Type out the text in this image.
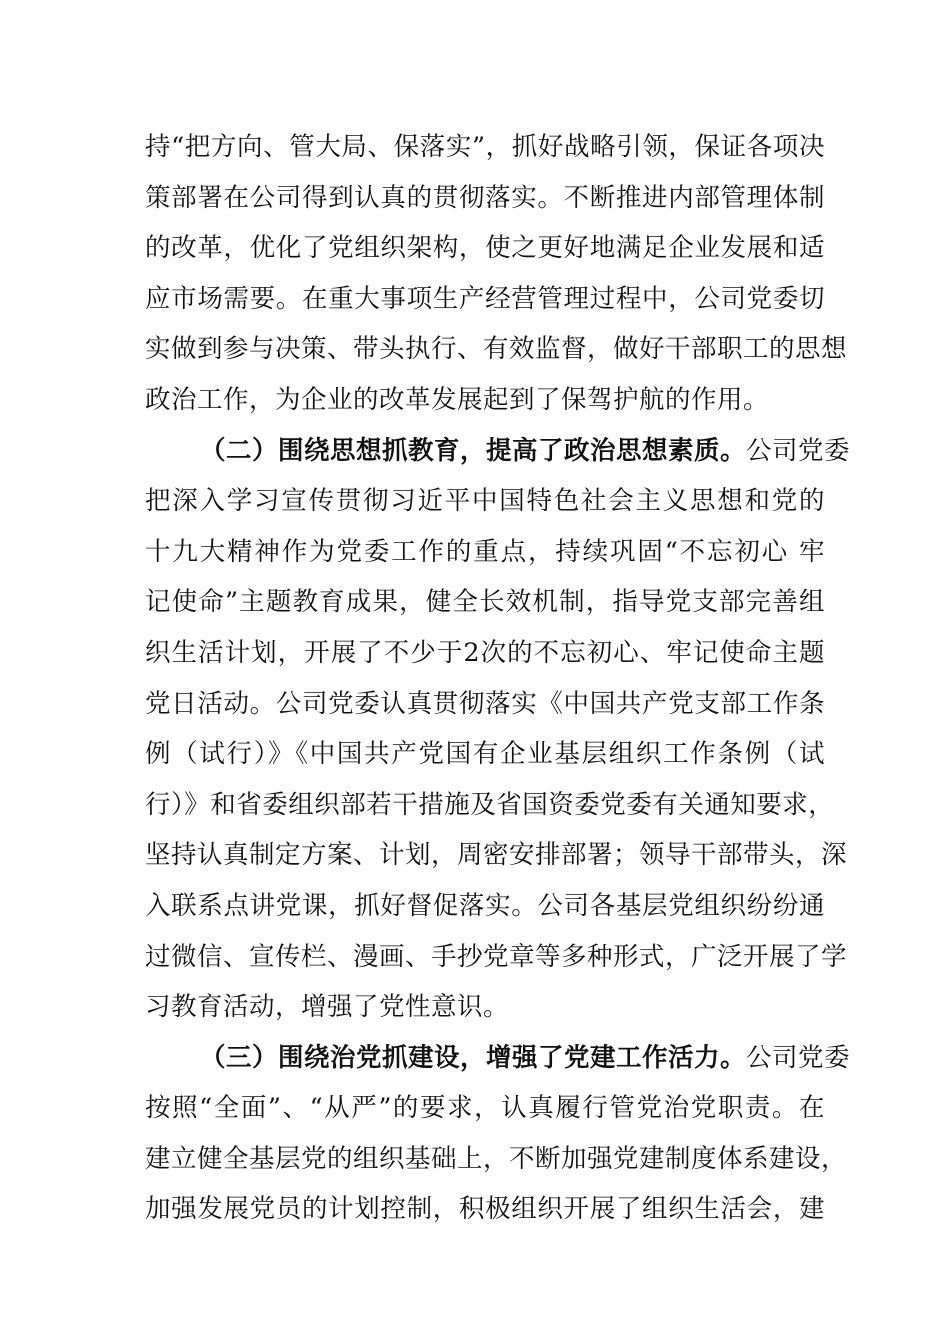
持“把方向、管大局、保落实”，抓好战略引领，保证各项决
策部署在公司得到认真的贯彻落实。不断推进内部管理体制
的改革，优化了党组织架构，使之更好地满足企业发展和适
应市场需要。在重大事项生产经营管理过程中，公司党委切
实做到参与决策、带头执行、有效监督，做好干部职工的思想
政治工作，为企业的改革发展起到了保驾护航的作用。
（二）围绕思想抓教育，提高了政治思想素质。公司党委
把深入学习宣传贯彻习近平中国特色社会主义思想和党的
十九大精神作为党委工作的重点，持续巩固“不忘初心 牢
记使命”主题教育成果，健全长效机制，指导党支部完善组
织生活计划，开展了不少于2次的不忘初心、牢记使命主题
党日活动。公司党委认真贯彻落实《中国共产党支部工作条
例（试行）》《中国共产党国有企业基层组织工作条例（试
行）》和省委组织部若干措施及省国资委党委有关通知要求，
坚持认真制定方案、计划，周密安排部署；领导干部带头，深
入联系点讲党课，抓好督促落实。公司各基层党组织纷纷通
过微信、宣传栏、漫画、手抄党章等多种形式，广泛开展了学
习教育活动，增强了党性意识。
（三）围绕治党抓建设，增强了党建工作活力。公司党委
按照“全面”、“从严”的要求，认真履行管党治党职责。在
建立健全基层党的组织基础上，不断加强党建制度体系建设，
加强发展党员的计划控制，积极组织开展了组织生活会，建
